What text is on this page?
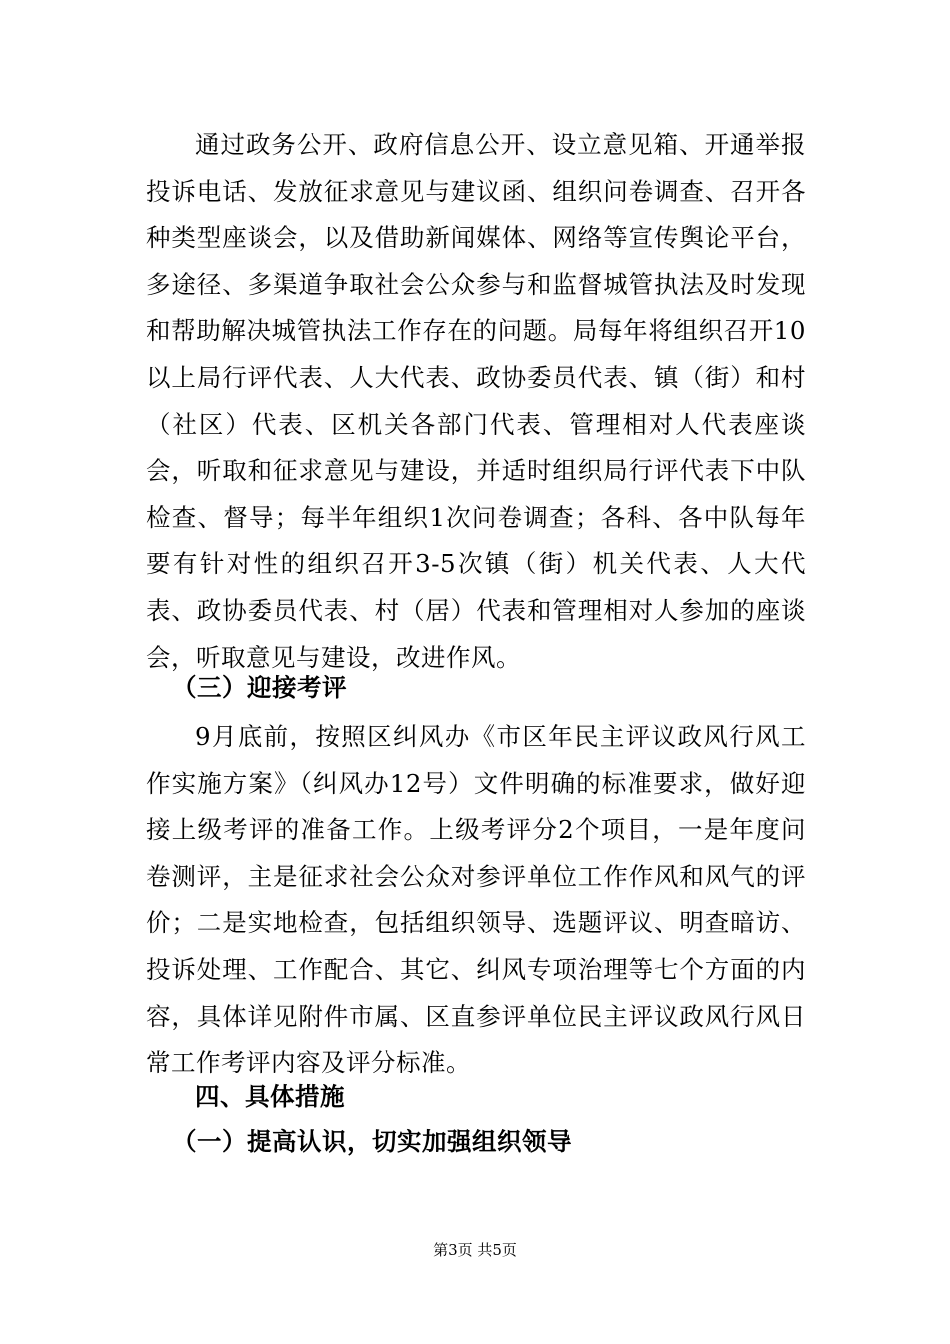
通过政务公开、政府信息公开、设立意见箱、开通举报投诉电话、发放征求意见与建议函、组织问卷调查、召开各种类型座谈会，以及借助新闻媒体、网络等宣传舆论平台，多途径、多渠道争取社会公众参与和监督城管执法及时发现和帮助解决城管执法工作存在的问题。局每年将组织召开10以上局行评代表、人大代表、政协委员代表、镇（街）和村（社区）代表、区机关各部门代表、管理相对人代表座谈会，听取和征求意见与建设，并适时组织局行评代表下中队检查、督导；每半年组织1次问卷调查；各科、各中队每年要有针对性的组织召开3-5次镇（街）机关代表、人大代表、政协委员代表、村（居）代表和管理相对人参加的座谈会，听取意见与建设，改进作风。

（三）迎接考评

9月底前，按照区纠风办《市区年民主评议政风行风工作实施方案》（纠风办12号）文件明确的标准要求，做好迎接上级考评的准备工作。上级考评分2个项目，一是年度问卷测评，主是征求社会公众对参评单位工作作风和风气的评价；二是实地检查，包括组织领导、选题评议、明查暗访、投诉处理、工作配合、其它、纠风专项治理等七个方面的内容，具体详见附件市属、区直参评单位民主评议政风行风日常工作考评内容及评分标准。

四、具体措施

（一）提高认识，切实加强组织领导

第3页 共5页
